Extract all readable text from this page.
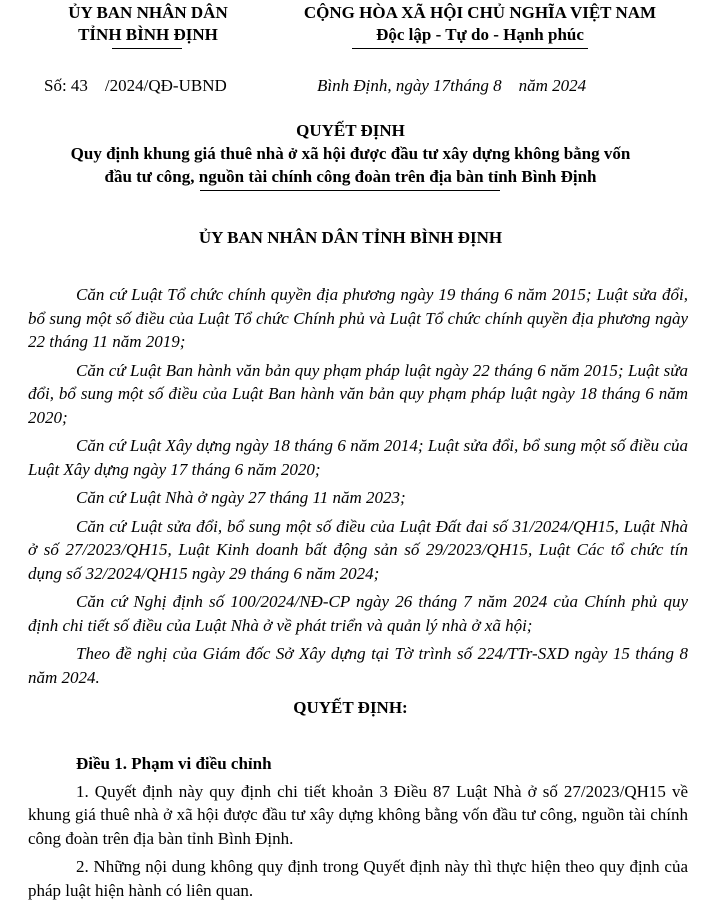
ỦY BAN NHÂN DÂN
TỈNH BÌNH ĐỊNH
CỘNG HÒA XÃ HỘI CHỦ NGHĨA VIỆT NAM
Độc lập - Tự do - Hạnh phúc
Số: 43    /2024/QĐ-UBND	Bình Định, ngày 17tháng 8    năm 2024
QUYẾT ĐỊNH
Quy định khung giá thuê nhà ở xã hội được đầu tư xây dựng không bằng vốn
đầu tư công, nguồn tài chính công đoàn trên địa bàn tỉnh Bình Định
ỦY BAN NHÂN DÂN TỈNH BÌNH ĐỊNH

Căn cứ Luật Tổ chức chính quyền địa phương ngày 19 tháng 6 năm 2015; Luật sửa đổi, bổ sung một số điều của Luật Tổ chức Chính phủ và Luật Tổ chức chính quyền địa phương ngày 22 tháng 11 năm 2019;

Căn cứ Luật Ban hành văn bản quy phạm pháp luật ngày 22 tháng 6 năm 2015; Luật sửa đổi, bổ sung một số điều của Luật Ban hành văn bản quy phạm pháp luật ngày 18 tháng 6 năm 2020;

Căn cứ Luật Xây dựng ngày 18 tháng 6 năm 2014; Luật sửa đổi, bổ sung một số điều của Luật Xây dựng ngày 17 tháng 6 năm 2020;

Căn cứ Luật Nhà ở ngày 27 tháng 11 năm 2023;

Căn cứ Luật sửa đổi, bổ sung một số điều của Luật Đất đai số 31/2024/QH15, Luật Nhà ở số 27/2023/QH15, Luật Kinh doanh bất động sản số 29/2023/QH15, Luật Các tổ chức tín dụng số 32/2024/QH15 ngày 29 tháng 6 năm 2024;

Căn cứ Nghị định số 100/2024/NĐ-CP ngày 26 tháng 7 năm 2024 của Chính phủ quy định chi tiết số điều của Luật Nhà ở về phát triển và quản lý nhà ở xã hội;

Theo đề nghị của Giám đốc Sở Xây dựng tại Tờ trình số 224/TTr-SXD ngày 15 tháng 8 năm 2024.

QUYẾT ĐỊNH:
Điều 1. Phạm vi điều chỉnh

1. Quyết định này quy định chi tiết khoản 3 Điều 87 Luật Nhà ở số 27/2023/QH15 về khung giá thuê nhà ở xã hội được đầu tư xây dựng không bằng vốn đầu tư công, nguồn tài chính công đoàn trên địa bàn tỉnh Bình Định.

2. Những nội dung không quy định trong Quyết định này thì thực hiện theo quy định của pháp luật hiện hành có liên quan.
